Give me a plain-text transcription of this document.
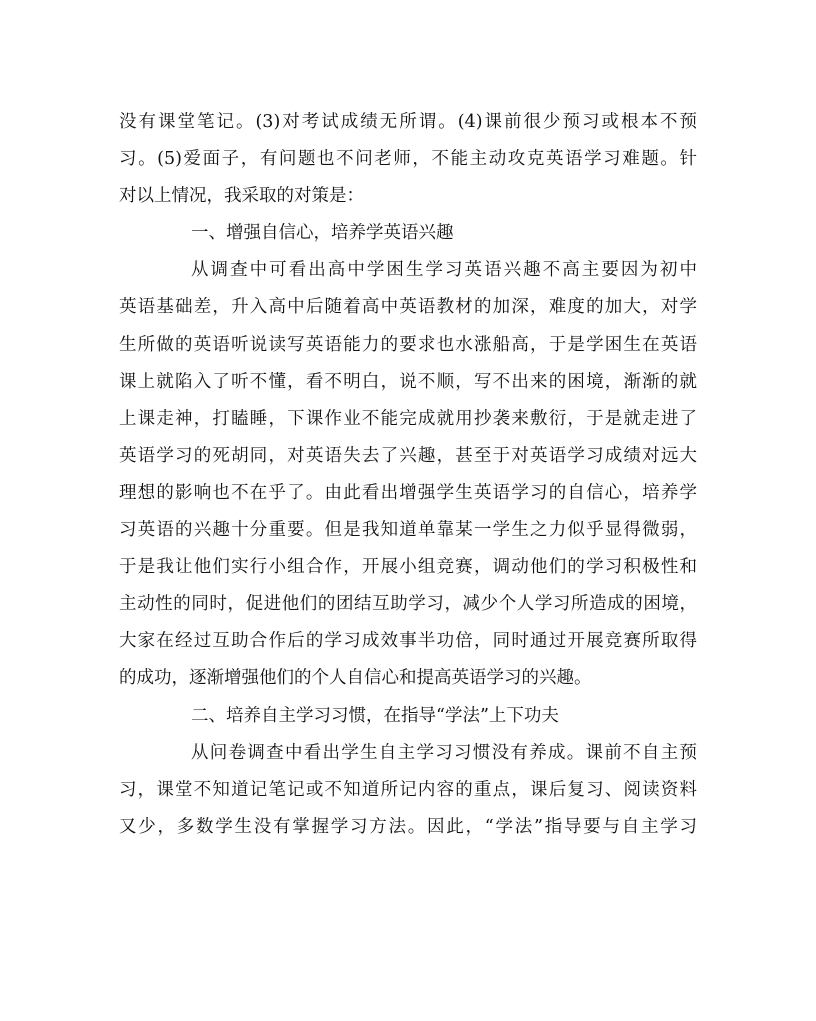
没有课堂笔记。(3)对考试成绩无所谓。(4)课前很少预习或根本不预
习。(5)爱面子，有问题也不问老师，不能主动攻克英语学习难题。针
对以上情况，我采取的对策是：
一、增强自信心，培养学英语兴趣
从调查中可看出高中学困生学习英语兴趣不高主要因为初中
英语基础差，升入高中后随着高中英语教材的加深，难度的加大，对学
生所做的英语听说读写英语能力的要求也水涨船高，于是学困生在英语
课上就陷入了听不懂，看不明白，说不顺，写不出来的困境，渐渐的就
上课走神，打瞌睡，下课作业不能完成就用抄袭来敷衍，于是就走进了
英语学习的死胡同，对英语失去了兴趣，甚至于对英语学习成绩对远大
理想的影响也不在乎了。由此看出增强学生英语学习的自信心，培养学
习英语的兴趣十分重要。但是我知道单靠某一学生之力似乎显得微弱，
于是我让他们实行小组合作，开展小组竞赛，调动他们的学习积极性和
主动性的同时，促进他们的团结互助学习，减少个人学习所造成的困境，
大家在经过互助合作后的学习成效事半功倍，同时通过开展竞赛所取得
的成功，逐渐增强他们的个人自信心和提高英语学习的兴趣。
二、培养自主学习习惯，在指导“学法”上下功夫
从问卷调查中看出学生自主学习习惯没有养成。课前不自主预
习，课堂不知道记笔记或不知道所记内容的重点，课后复习、阅读资料
又少，多数学生没有掌握学习方法。因此，“学法”指导要与自主学习
